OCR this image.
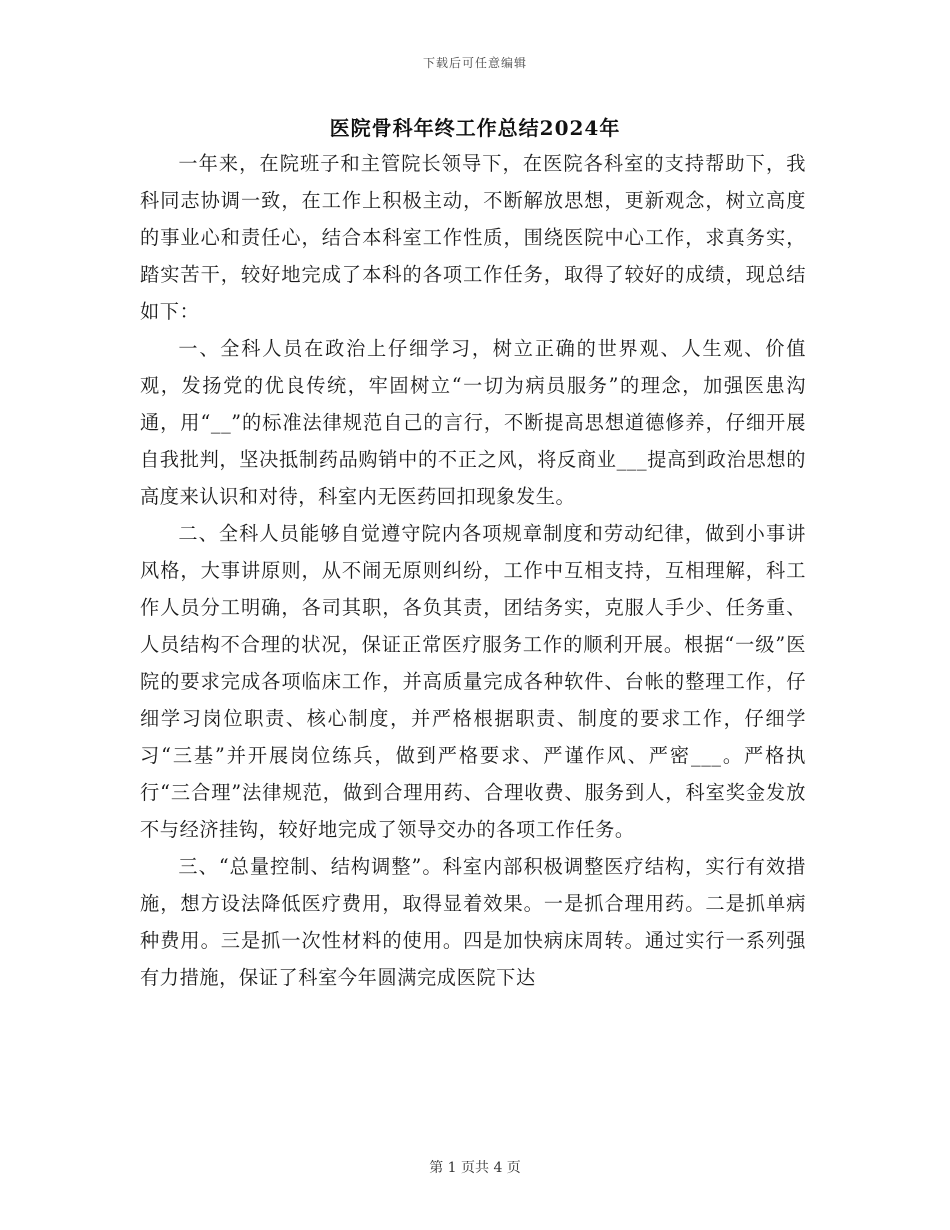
下载后可任意编辑
医院骨科年终工作总结2024年

一年来，在院班子和主管院长领导下，在医院各科室的支持帮助下，我科同志协调一致，在工作上积极主动，不断解放思想，更新观念，树立高度的事业心和责任心，结合本科室工作性质，围绕医院中心工作，求真务实，踏实苦干，较好地完成了本科的各项工作任务，取得了较好的成绩，现总结如下：

一、全科人员在政治上仔细学习，树立正确的世界观、人生观、价值观，发扬党的优良传统，牢固树立“一切为病员服务”的理念，加强医患沟通，用“__”的标准法律规范自己的言行，不断提高思想道德修养，仔细开展自我批判，坚决抵制药品购销中的不正之风，将反商业___提高到政治思想的高度来认识和对待，科室内无医药回扣现象发生。

二、全科人员能够自觉遵守院内各项规章制度和劳动纪律，做到小事讲风格，大事讲原则，从不闹无原则纠纷，工作中互相支持，互相理解，科工作人员分工明确，各司其职，各负其责，团结务实，克服人手少、任务重、人员结构不合理的状况，保证正常医疗服务工作的顺利开展。根据“一级”医院的要求完成各项临床工作，并高质量完成各种软件、台帐的整理工作，仔细学习岗位职责、核心制度，并严格根据职责、制度的要求工作，仔细学习“三基”并开展岗位练兵，做到严格要求、严谨作风、严密___。严格执行“三合理”法律规范，做到合理用药、合理收费、服务到人，科室奖金发放不与经济挂钩，较好地完成了领导交办的各项工作任务。

三、“总量控制、结构调整”。科室内部积极调整医疗结构，实行有效措施，想方设法降低医疗费用，取得显着效果。一是抓合理用药。二是抓单病种费用。三是抓一次性材料的使用。四是加快病床周转。通过实行一系列强有力措施，保证了科室今年圆满完成医院下达

第 1 页共 4 页
